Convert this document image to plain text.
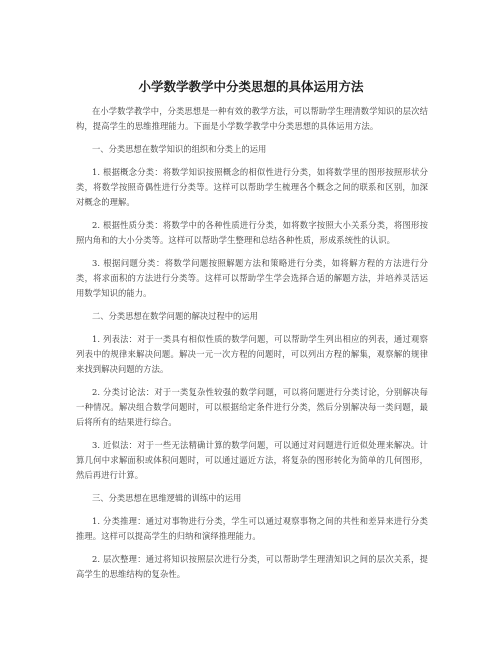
小学数学教学中分类思想的具体运用方法

在小学数学教学中，分类思想是一种有效的教学方法，可以帮助学生理清数学知识的层次结构，提高学生的思维推理能力。下面是小学数学教学中分类思想的具体运用方法。

一、分类思想在数学知识的组织和分类上的运用

1. 根据概念分类：将数学知识按照概念的相似性进行分类，如将数学里的图形按照形状分类，将数学按照奇偶性进行分类等。这样可以帮助学生梳理各个概念之间的联系和区别，加深对概念的理解。

2. 根据性质分类：将数学中的各种性质进行分类，如将数字按照大小关系分类，将图形按照内角和的大小分类等。这样可以帮助学生整理和总结各种性质，形成系统性的认识。

3. 根据问题分类：将数学问题按照解题方法和策略进行分类，如将解方程的方法进行分类，将求面积的方法进行分类等。这样可以帮助学生学会选择合适的解题方法，并培养灵活运用数学知识的能力。

二、分类思想在数学问题的解决过程中的运用

1. 列表法：对于一类具有相似性质的数学问题，可以帮助学生列出相应的列表，通过观察列表中的规律来解决问题。解决一元一次方程的问题时，可以列出方程的解集，观察解的规律来找到解决问题的方法。

2. 分类讨论法：对于一类复杂性较强的数学问题，可以将问题进行分类讨论，分别解决每一种情况。解决组合数学问题时，可以根据给定条件进行分类，然后分别解决每一类问题，最后将所有的结果进行综合。

3. 近似法：对于一些无法精确计算的数学问题，可以通过对问题进行近似处理来解决。计算几何中求解面积或体积问题时，可以通过逼近方法，将复杂的图形转化为简单的几何图形，然后再进行计算。

三、分类思想在思维逻辑的训练中的运用

1. 分类推理：通过对事物进行分类，学生可以通过观察事物之间的共性和差异来进行分类推理。这样可以提高学生的归纳和演绎推理能力。

2. 层次整理：通过将知识按照层次进行分类，可以帮助学生理清知识之间的层次关系，提高学生的思维结构的复杂性。
